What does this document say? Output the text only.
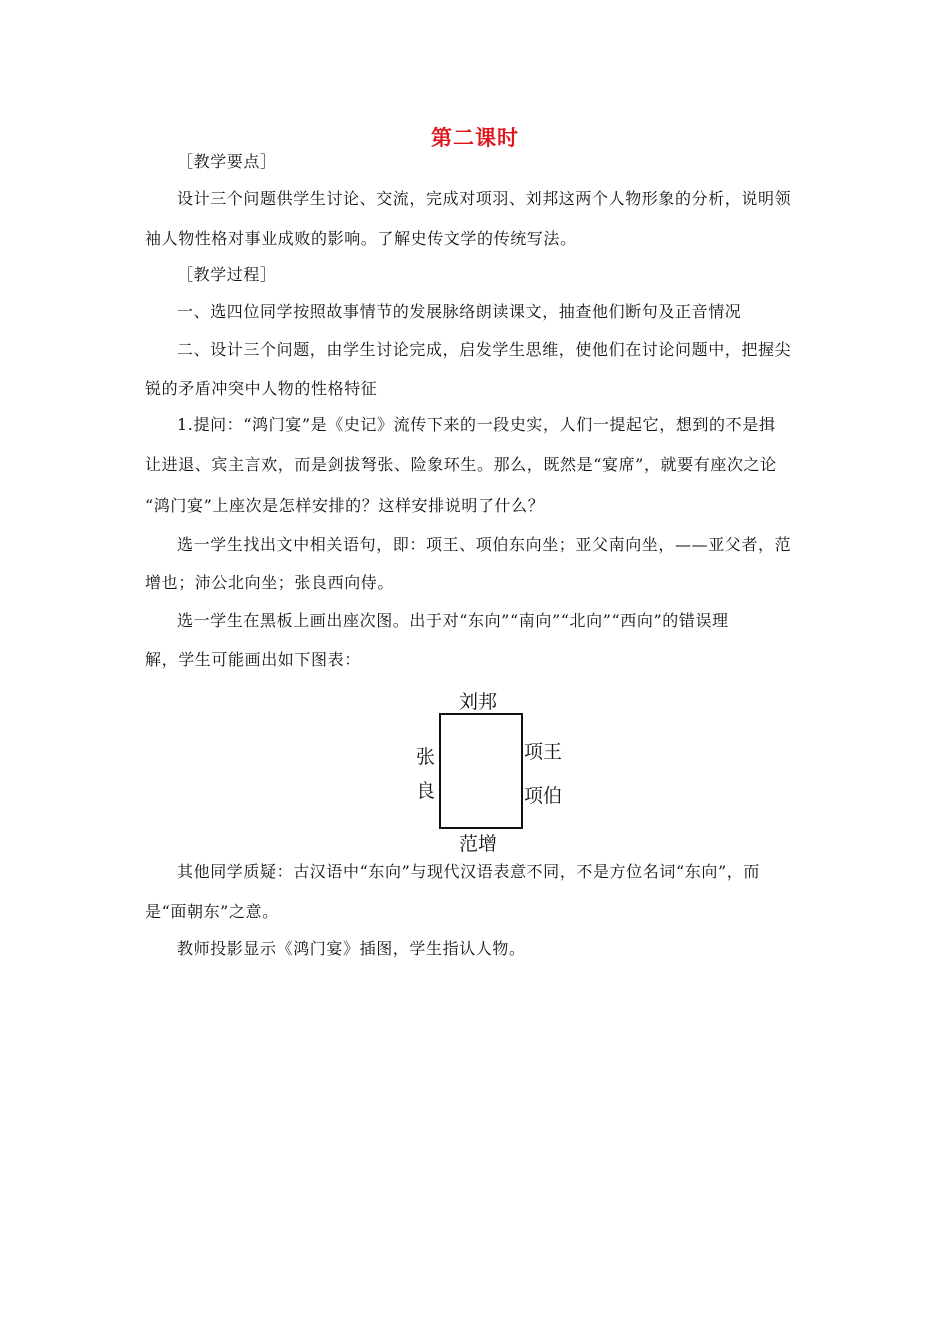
第二课时
［教学要点］
设计三个问题供学生讨论、交流，完成对项羽、刘邦这两个人物形象的分析，说明领
袖人物性格对事业成败的影响。了解史传文学的传统写法。
［教学过程］
一、选四位同学按照故事情节的发展脉络朗读课文，抽查他们断句及正音情况
二、设计三个问题，由学生讨论完成，启发学生思维，使他们在讨论问题中，把握尖
锐的矛盾冲突中人物的性格特征
1.提问：“鸿门宴”是《史记》流传下来的一段史实，人们一提起它，想到的不是揖
让进退、宾主言欢，而是剑拔弩张、险象环生。那么，既然是“宴席”，就要有座次之论
“鸿门宴”上座次是怎样安排的？这样安排说明了什么？
选一学生找出文中相关语句，即：项王、项伯东向坐；亚父南向坐，——亚父者，范
增也；沛公北向坐；张良西向侍。
选一学生在黑板上画出座次图。出于对“东向”“南向”“北向”“西向”的错误理
解，学生可能画出如下图表：
刘邦
张
良
项王
项伯
范增
其他同学质疑：古汉语中“东向”与现代汉语表意不同，不是方位名词“东向”，而
是“面朝东”之意。
教师投影显示《鸿门宴》插图，学生指认人物。
